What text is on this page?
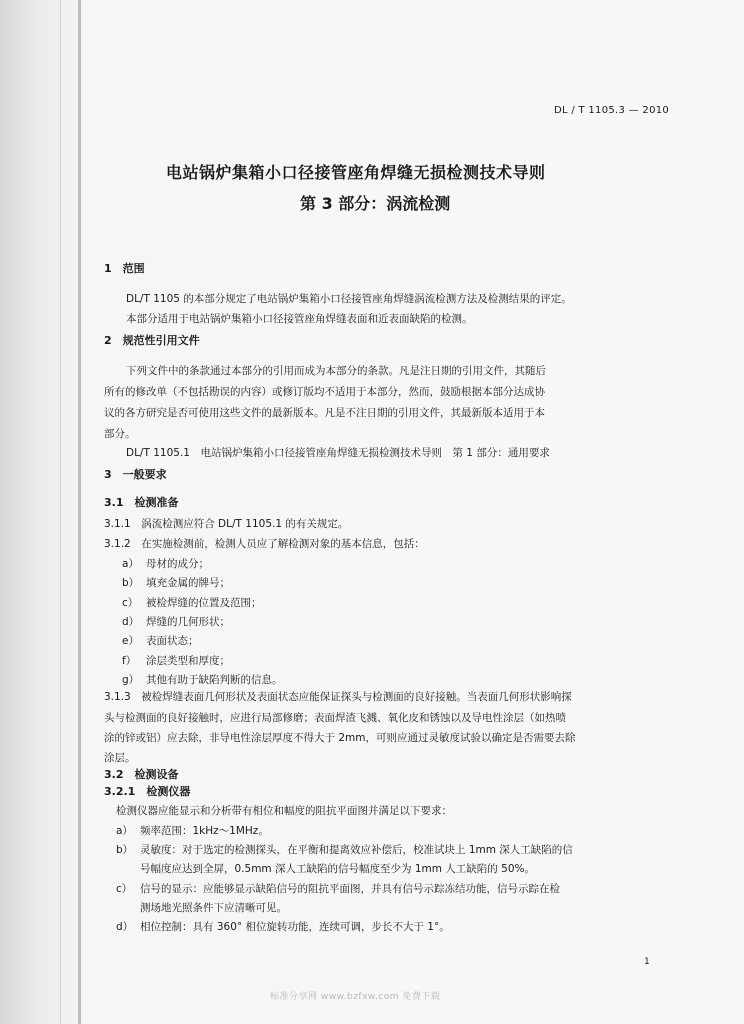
DL / T 1105.3 — 2010
电站锅炉集箱小口径接管座角焊缝无损检测技术导则
第 3 部分：涡流检测
1　范围
DL/T 1105 的本部分规定了电站锅炉集箱小口径接管座角焊缝涡流检测方法及检测结果的评定。
本部分适用于电站锅炉集箱小口径接管座角焊缝表面和近表面缺陷的检测。
2　规范性引用文件
下列文件中的条款通过本部分的引用而成为本部分的条款。凡是注日期的引用文件，其随后
所有的修改单（不包括勘误的内容）或修订版均不适用于本部分，然而，鼓励根据本部分达成协
议的各方研究是否可使用这些文件的最新版本。凡是不注日期的引用文件，其最新版本适用于本
部分。
DL/T 1105.1　电站锅炉集箱小口径接管座角焊缝无损检测技术导则　第 1 部分：通用要求
3　一般要求
3.1　检测准备
3.1.1　涡流检测应符合 DL/T 1105.1 的有关规定。
3.1.2　在实施检测前，检测人员应了解检测对象的基本信息，包括：
a） 母材的成分；
b） 填充金属的牌号；
c） 被检焊缝的位置及范围；
d） 焊缝的几何形状；
e） 表面状态；
f） 涂层类型和厚度；
g） 其他有助于缺陷判断的信息。
3.1.3　被检焊缝表面几何形状及表面状态应能保证探头与检测面的良好接触。当表面几何形状影响探
头与检测面的良好接触时，应进行局部修磨；表面焊渣飞溅、氧化皮和锈蚀以及导电性涂层（如热喷
涂的锌或铝）应去除，非导电性涂层厚度不得大于 2mm，可则应通过灵敏度试验以确定是否需要去除
涂层。
3.2　检测设备
3.2.1　检测仪器
检测仪器应能显示和分析带有相位和幅度的阻抗平面图并满足以下要求：
a） 频率范围：1kHz～1MHz。
b） 灵敏度：对于选定的检测探头，在平衡和提离效应补偿后，校准试块上 1mm 深人工缺陷的信
号幅度应达到全屏，0.5mm 深人工缺陷的信号幅度至少为 1mm 人工缺陷的 50%。
c） 信号的显示：应能够显示缺陷信号的阻抗平面图，并具有信号示踪冻结功能，信号示踪在检
测场地光照条件下应清晰可见。
d） 相位控制：具有 360° 相位旋转功能，连续可调，步长不大于 1°。
1
标准分享网 www.bzfxw.com 免费下载
